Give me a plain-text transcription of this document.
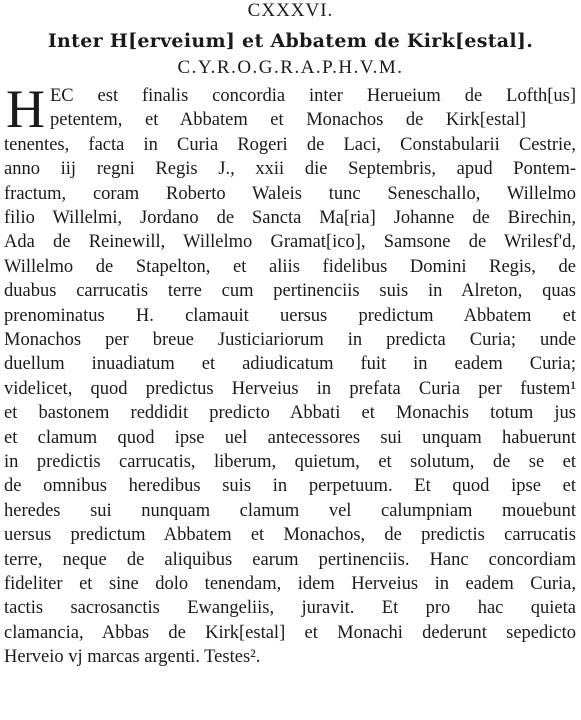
CXXXVI.
Inter H[erveium] et Abbatem de Kirk[estal].
C.Y.R.O.G.R.A.P.H.V.M.
H EC est finalis concordia inter Herueium de Lofth[us]
petentem, et Abbatem et Monachos de Kirk[estal]
tenentes, facta in Curia Rogeri de Laci, Constabularii Cestrie,
anno iij regni Regis J., xxii die Septembris, apud Pontem-
fractum, coram Roberto Waleis tunc Seneschallo, Willelmo
filio Willelmi, Jordano de Sancta Ma[ria] Johanne de Birechin,
Ada de Reinewill, Willelmo Gramat[ico], Samsone de Wrilesf'd,
Willelmo de Stapelton, et aliis fidelibus Domini Regis, de
duabus carrucatis terre cum pertinenciis suis in Alreton, quas
prenominatus H. clamauit uersus predictum Abbatem et
Monachos per breue Justiciariorum in predicta Curia; unde
duellum inuadiatum et adiudicatum fuit in eadem Curia;
videlicet, quod predictus Herveius in prefata Curia per fustem¹
et bastonem reddidit predicto Abbati et Monachis totum jus
et clamum quod ipse uel antecessores sui unquam habuerunt
in predictis carrucatis, liberum, quietum, et solutum, de se et
de omnibus heredibus suis in perpetuum. Et quod ipse et
heredes sui nunquam clamum vel calumpniam mouebunt
uersus predictum Abbatem et Monachos, de predictis carrucatis
terre, neque de aliquibus earum pertinenciis. Hanc concordiam
fideliter et sine dolo tenendam, idem Herveius in eadem Curia,
tactis sacrosanctis Ewangeliis, juravit. Et pro hac quieta
clamancia, Abbas de Kirk[estal] et Monachi dederunt sepedicto
Herveio vj marcas argenti. Testes².
